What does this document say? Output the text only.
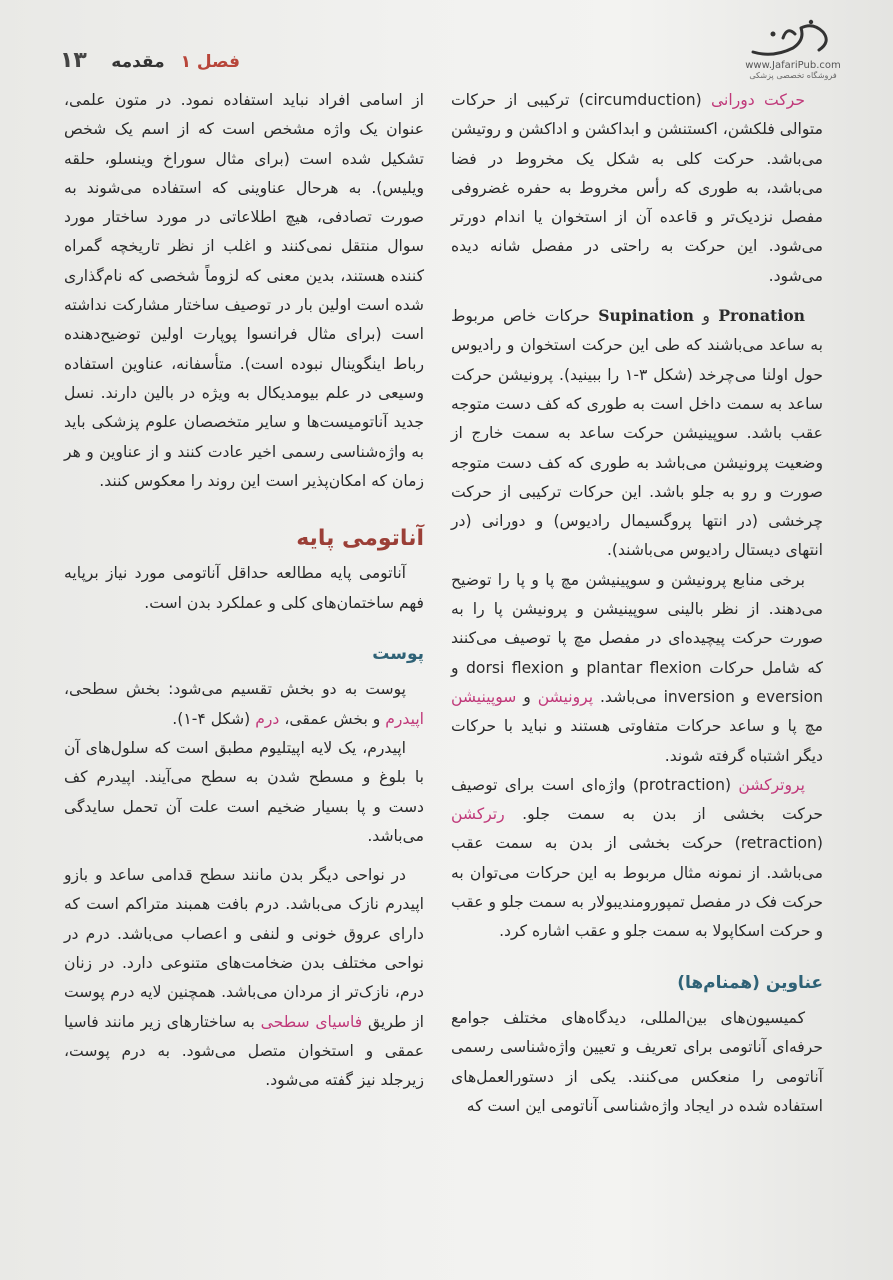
فصل ۱ مقدمه
۱۳	www.JafariPub.com
فروشگاه تخصصی پزشکی

حرکت دورانی (circumduction) ترکیبی از حرکات متوالی فلکشن، اکستنشن و ابداکشن و اداکشن و روتیشن می‌باشد. حرکت کلی به شکل یک مخروط در فضا می‌باشد، به طوری که رأس مخروط به حفره غضروفی مفصل نزدیک‌تر و قاعده آن از استخوان یا اندام دورتر می‌شود. این حرکت به راحتی در مفصل شانه دیده می‌شود.

Pronation و Supination حرکات خاص مربوط به ساعد می‌باشند که طی این حرکت استخوان و رادیوس حول اولنا می‌چرخد (شکل ۳-۱ را ببینید). پرونیشن حرکت ساعد به سمت داخل است به طوری که کف دست متوجه عقب باشد. سوپینیشن حرکت ساعد به سمت خارج از وضعیت پرونیشن می‌باشد به طوری که کف دست متوجه صورت و رو به جلو باشد. این حرکات ترکیبی از حرکت چرخشی (در انتها پروگسیمال رادیوس) و دورانی (در انتهای دیستال رادیوس می‌باشند).

برخی منابع پرونیشن و سوپینیشن مچ پا و پا را توضیح می‌دهند. از نظر بالینی سوپینیشن و پرونیشن پا را به صورت حرکت پیچیده‌ای در مفصل مچ پا توصیف می‌کنند که شامل حرکات plantar flexion و dorsi flexion و eversion و inversion می‌باشد. پرونیشن و سوپینیشن مچ پا و ساعد حرکات متفاوتی هستند و نباید با حرکات دیگر اشتباه گرفته شوند.

پروترکشن (protraction) واژه‌ای است برای توصیف حرکت بخشی از بدن به سمت جلو. رترکشن (retraction) حرکت بخشی از بدن به سمت عقب می‌باشد. از نمونه مثال مربوط به این حرکات می‌توان به حرکت فک در مفصل تمپورومندیبولار به سمت جلو و عقب و حرکت اسکاپولا به سمت جلو و عقب اشاره کرد.

عناوین (همنام‌ها)

کمیسیون‌های بین‌المللی، دیدگاه‌های مختلف جوامع حرفه‌ای آناتومی برای تعریف و تعیین واژه‌شناسی رسمی آناتومی را منعکس می‌کنند. یکی از دستورالعمل‌های استفاده شده در ایجاد واژه‌شناسی آناتومی این است که

از اسامی افراد نباید استفاده نمود. در متون علمی، عنوان یک واژه مشخص است که از اسم یک شخص تشکیل شده است (برای مثال سوراخ وینسلو، حلقه ویلیس). به هرحال عناوینی که استفاده می‌شوند به صورت تصادفی، هیچ اطلاعاتی در مورد ساختار مورد سوال منتقل نمی‌کنند و اغلب از نظر تاریخچه گمراه کننده هستند، بدین معنی که لزوماً شخصی که نام‌گذاری شده است اولین بار در توصیف ساختار مشارکت نداشته است (برای مثال فرانسوا پوپارت اولین توضیح‌دهنده رباط اینگوینال نبوده است). متأسفانه، عناوین استفاده وسیعی در علم بیومدیکال به ویژه در بالین دارند. نسل جدید آناتومیست‌ها و سایر متخصصان علوم پزشکی باید به واژه‌شناسی رسمی اخیر عادت کنند و از عناوین و هر زمان که امکان‌پذیر است این روند را معکوس کنند.

آناتومی پایه

آناتومی پایه مطالعه حداقل آناتومی مورد نیاز برپایه فهم ساختمان‌های کلی و عملکرد بدن است.

پوست

پوست به دو بخش تقسیم می‌شود: بخش سطحی، اپیدرم و بخش عمقی، درم (شکل ۴-۱).

اپیدرم، یک لایه اپیتلیوم مطبق است که سلول‌های آن با بلوغ و مسطح شدن به سطح می‌آیند. اپیدرم کف دست و پا بسیار ضخیم است علت آن تحمل سایدگی می‌باشد.

در نواحی دیگر بدن مانند سطح قدامی ساعد و بازو اپیدرم نازک می‌باشد. درم بافت همبند متراکم است که دارای عروق خونی و لنفی و اعصاب می‌باشد. درم در نواحی مختلف بدن ضخامت‌های متنوعی دارد. در زنان درم، نازک‌تر از مردان می‌باشد. همچنین لایه درم پوست از طریق فاسیای سطحی به ساختارهای زیر مانند فاسیا عمقی و استخوان متصل می‌شود. به درم پوست، زیرجلد نیز گفته می‌شود.
